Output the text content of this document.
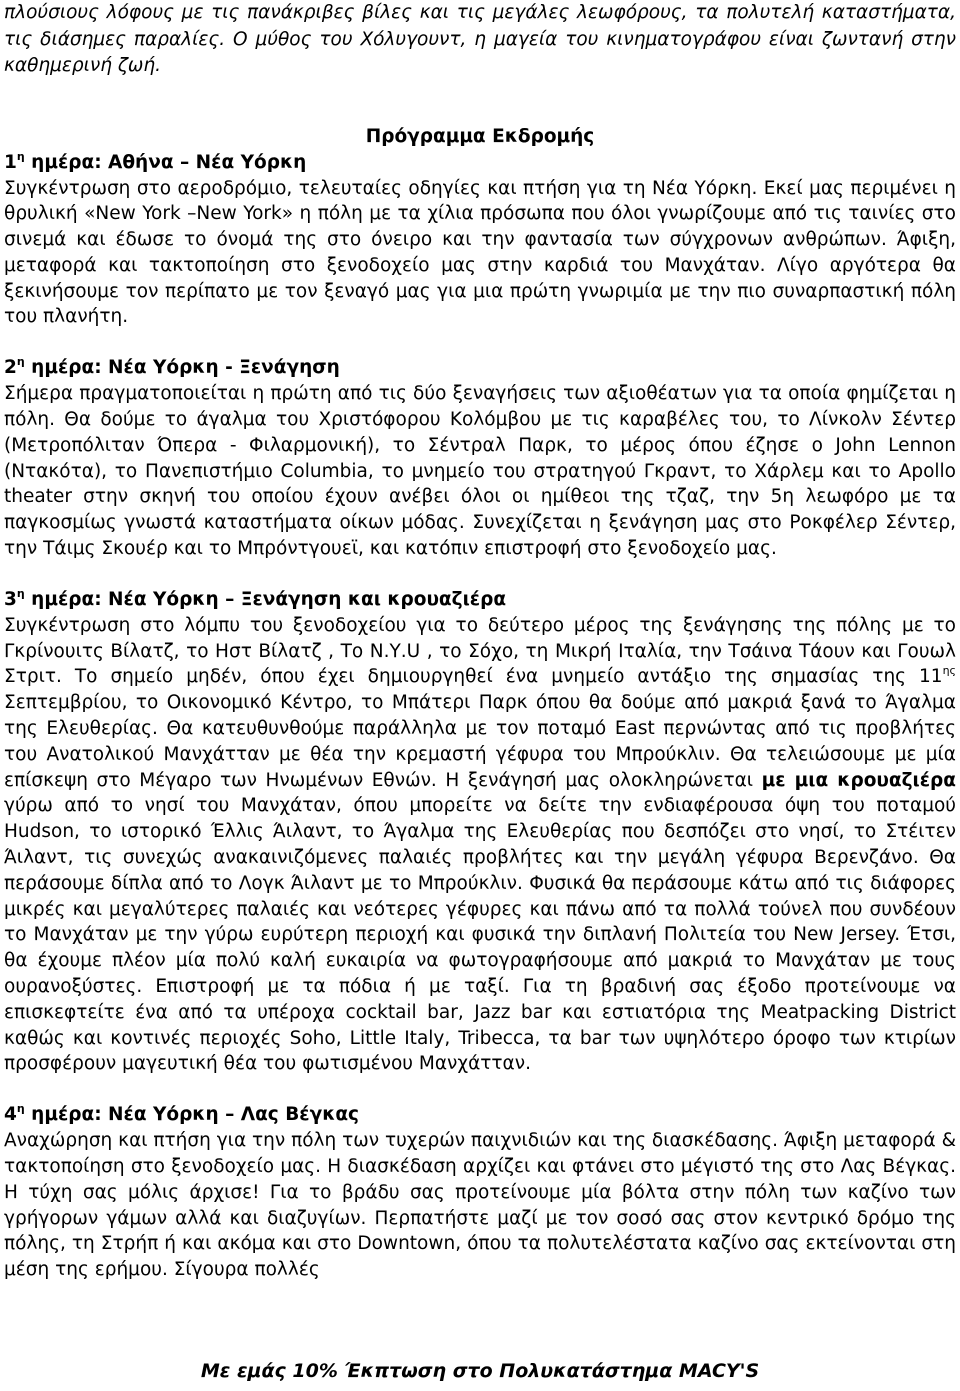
πλούσιους λόφους με τις πανάκριβες βίλες και τις μεγάλες λεωφόρους, τα πολυτελή καταστήματα, τις διάσημες παραλίες. Ο μύθος του Χόλυγουντ, η μαγεία του κινηματογράφου είναι ζωντανή στην καθημερινή ζωή.

Πρόγραμμα Εκδρομής

$1^\eta$ ημέρα: Αθήνα – Νέα Υόρκη

Συγκέντρωση στο αεροδρόμιο, τελευταίες οδηγίες και πτήση για τη Νέα Υόρκη. Εκεί μας περιμένει η θρυλική «New York –New York» η πόλη με τα χίλια πρόσωπα που όλοι γνωρίζουμε από τις ταινίες στο σινεμά και έδωσε το όνομά της στο όνειρο και την φαντασία των σύγχρονων ανθρώπων. Άφιξη, μεταφορά και τακτοποίηση στο ξενοδοχείο μας στην καρδιά του Μανχάταν. Λίγο αργότερα θα ξεκινήσουμε τον περίπατο με τον ξεναγό μας για μια πρώτη γνωριμία με την πιο συναρπαστική πόλη του πλανήτη.

$2^\eta$ ημέρα: Νέα Υόρκη - Ξενάγηση

Σήμερα πραγματοποιείται η πρώτη από τις δύο ξεναγήσεις των αξιοθέατων για τα οποία φημίζεται η πόλη. Θα δούμε το άγαλμα του Χριστόφορου Κολόμβου με τις καραβέλες του, το Λίνκολν Σέντερ (Μετροπόλιταν Όπερα - Φιλαρμονική), το Σέντραλ Παρκ, το μέρος όπου έζησε ο John Lennon (Ντακότα), το Πανεπιστήμιο Columbia, το μνημείο του στρατηγού Γκραντ, το Χάρλεμ και το Apollo theater στην σκηνή του οποίου έχουν ανέβει όλοι οι ημίθεοι της τζαζ, την 5η λεωφόρο με τα παγκοσμίως γνωστά καταστήματα οίκων μόδας. Συνεχίζεται η ξενάγηση μας στο Ροκφέλερ Σέντερ, την Τάιμς Σκουέρ και το Μπρόντγουεϊ, και κατόπιν επιστροφή στο ξενοδοχείο μας.

$3^\eta$ ημέρα: Νέα Υόρκη – Ξενάγηση και κρουαζιέρα

Συγκέντρωση στο λόμπυ του ξενοδοχείου για το δεύτερο μέρος της ξενάγησης της πόλης με το Γκρίνουιτς Βίλατζ, το Ηστ Βίλατζ , Το Ν.Υ.U , το Σόχο, τη Μικρή Ιταλία, την Τσάινα Τάουν και Γουωλ Στριτ. Το σημείο μηδέν, όπου έχει δημιουργηθεί ένα μνημείο αντάξιο της σημασίας της $11^{\eta\varsigma}$ Σεπτεμβρίου, το Οικονομικό Κέντρο, το Μπάτερι Παρκ όπου θα δούμε από μακριά ξανά το Άγαλμα της Ελευθερίας. Θα κατευθυνθούμε παράλληλα με τον ποταμό East περνώντας από τις προβλήτες του Ανατολικού Μανχάτταν με θέα την κρεμαστή γέφυρα του Μπρούκλιν. Θα τελειώσουμε με μία επίσκεψη στο Μέγαρο των Ηνωμένων Εθνών. Η ξενάγησή μας ολοκληρώνεται με μια κρουαζιέρα γύρω από το νησί του Μανχάταν, όπου μπορείτε να δείτε την ενδιαφέρουσα όψη του ποταμού Hudson, το ιστορικό Έλλις Άιλαντ, το Άγαλμα της Ελευθερίας που δεσπόζει στο νησί, το Στέιτεν Άιλαντ, τις συνεχώς ανακαινιζόμενες παλαιές προβλήτες και την μεγάλη γέφυρα Βερενζάνο. Θα περάσουμε δίπλα από το Λογκ Άιλαντ με το Μπρούκλιν. Φυσικά θα περάσουμε κάτω από τις διάφορες μικρές και μεγαλύτερες παλαιές και νεότερες γέφυρες και πάνω από τα πολλά τούνελ που συνδέουν το Μανχάταν με την γύρω ευρύτερη περιοχή και φυσικά την διπλανή Πολιτεία του New Jersey. Έτσι, θα έχουμε πλέον μία πολύ καλή ευκαιρία να φωτογραφήσουμε από μακριά το Μανχάταν με τους ουρανοξύστες. Επιστροφή με τα πόδια ή με ταξί. Για τη βραδινή σας έξοδο προτείνουμε να επισκεφτείτε ένα από τα υπέροχα cocktail bar, Jazz bar και εστιατόρια της Meatpacking District καθώς και κοντινές περιοχές Soho, Little Italy, Tribecca, τα bar των υψηλότερο όροφο των κτιρίων προσφέρουν μαγευτική θέα του φωτισμένου Μανχάτταν.

$4^\eta$ ημέρα: Νέα Υόρκη – Λας Βέγκας

Αναχώρηση και πτήση για την πόλη των τυχερών παιχνιδιών και της διασκέδασης. Άφιξη μεταφορά & τακτοποίηση στο ξενοδοχείο μας. Η διασκέδαση αρχίζει και φτάνει στο μέγιστό της στο Λας Βέγκας. Η τύχη σας μόλις άρχισε! Για το βράδυ σας προτείνουμε μία βόλτα στην πόλη των καζίνο των γρήγορων γάμων αλλά και διαζυγίων. Περπατήστε μαζί με τον σοσό σας στον κεντρικό δρόμο της πόλης, τη Στρήπ ή και ακόμα και στο Downtown, όπου τα πολυτελέστατα καζίνο σας εκτείνονται στη μέση της ερήμου. Σίγουρα πολλές

Με εμάς 10% Έκπτωση στο Πολυκατάστημα MACY'S
